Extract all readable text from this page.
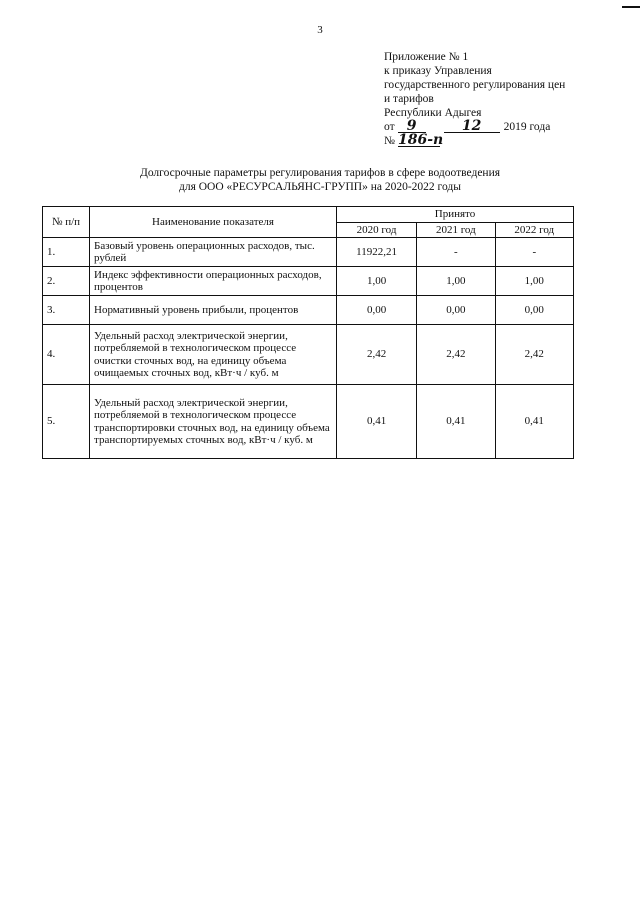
3
Приложение № 1
к приказу Управления
государственного регулирования цен
и тарифов
Республики Адыгея
от 9	12 2019 года
№ 186-п
Долгосрочные параметры регулирования тарифов в сфере водоотведения
для ООО «РЕСУРСАЛЬЯНС-ГРУПП» на 2020-2022 годы
№ п/п	Наименование показателя	Принято		
		2020 год	2021 год	2022 год
1.	Базовый уровень операционных расходов, тыс. рублей	11922,21	-	-
2.	Индекс эффективности операционных расходов, процентов	1,00	1,00	1,00
3.	Нормативный уровень прибыли, процентов	0,00	0,00	0,00
4.	Удельный расход электрической энергии, потребляемой в технологическом процессе очистки сточных вод, на единицу объема очищаемых сточных вод, кВт·ч / куб. м	2,42	2,42	2,42
5.	Удельный расход электрической энергии, потребляемой в технологическом процессе транспортировки сточных вод, на единицу объема транспортируемых сточных вод, кВт·ч / куб. м	0,41	0,41	0,41
